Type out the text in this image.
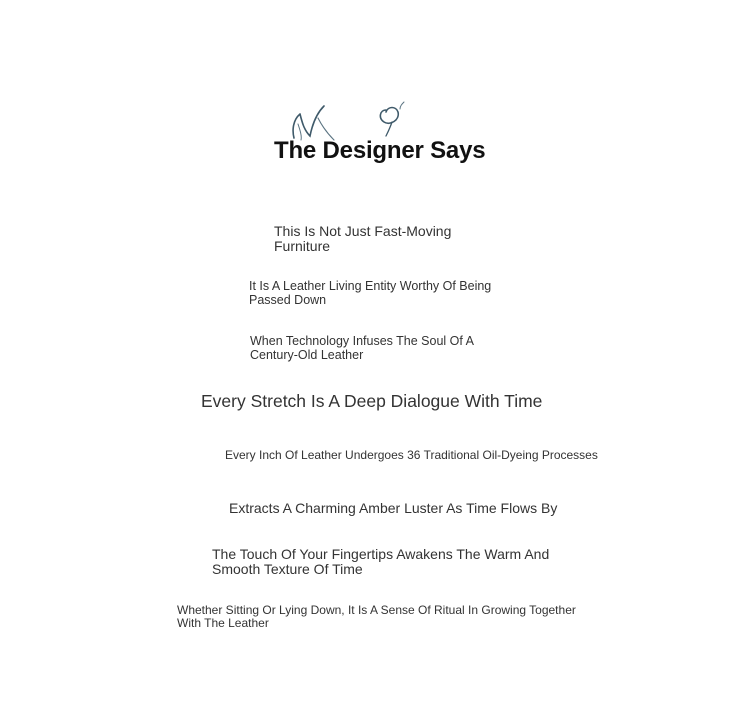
The Designer Says

This Is Not Just Fast-Moving Furniture

It Is A Leather Living Entity Worthy Of Being Passed Down

When Technology Infuses The Soul Of A Century-Old Leather

Every Stretch Is A Deep Dialogue With Time

Every Inch Of Leather Undergoes 36 Traditional Oil-Dyeing Processes

Extracts A Charming Amber Luster As Time Flows By

The Touch Of Your Fingertips Awakens The Warm And Smooth Texture Of Time

Whether Sitting Or Lying Down, It Is A Sense Of Ritual In Growing Together With The Leather
